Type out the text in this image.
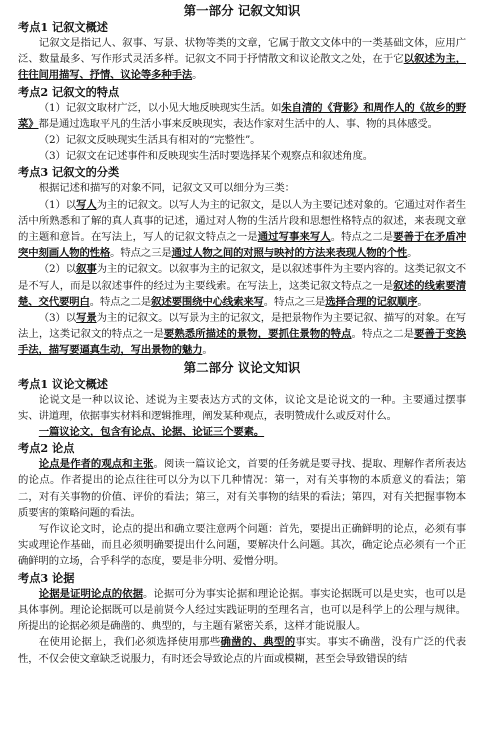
第一部分 记叙文知识

考点1 记叙文概述

记叙文是指记人、叙事、写景、状物等类的文章，它属于散文文体中的一类基础文体，应用广泛、数量最多、写作形式灵活多样。记叙文不同于抒情散文和议论散文之处，在于它以叙述为主，往往间用描写、抒情、议论等多种手法。

考点2 记叙文的特点

（1）记叙文取材广泛，以小见大地反映现实生活。如朱自清的《背影》和周作人的《故乡的野菜》都是通过选取平凡的生活小事来反映现实，表达作家对生活中的人、事、物的具体感受。

（2）记叙文反映现实生活具有相对的“完整性”。

（3）记叙文在记述事件和反映现实生活时要选择某个观察点和叙述角度。

考点3 记叙文的分类

根据记述和描写的对象不同，记叙文又可以细分为三类：

（1）以写人为主的记叙文。以写人为主的记叙文，是以人为主要记述对象的。它通过对作者生活中所熟悉和了解的真人真事的记述，通过对人物的生活片段和思想性格特点的叙述，来表现文章的主题和意旨。在写法上，写人的记叙文特点之一是通过写事来写人。特点之二是要善于在矛盾冲突中刻画人物的性格。特点之三是通过人物之间的对照与映衬的方法来表现人物的个性。

（2）以叙事为主的记叙文。以叙事为主的记叙文，是以叙述事件为主要内容的。这类记叙文不是不写人，而是以叙述事件的经过为主要线索。在写法上，这类记叙文特点之一是叙述的线索要清楚、交代要明白。特点之二是叙述要围绕中心线索来写。特点之三是选择合理的记叙顺序。

（3）以写景为主的记叙文。以写景为主的记叙文，是把景物作为主要记叙、描写的对象。在写法上，这类记叙文的特点之一是要熟悉所描述的景物，要抓住景物的特点。特点之二是要善于变换手法，描写要逼真生动，写出景物的魅力。

第二部分 议论文知识

考点1 议论文概述

论说文是一种以议论、述说为主要表达方式的文体，议论文是论说文的一种。主要通过摆事实、讲道理，依据事实材料和逻辑推理，阐发某种观点，表明赞成什么或反对什么。

一篇议论文，包含有论点、论据、论证三个要素。

考点2 论点

论点是作者的观点和主张。阅读一篇议论文，首要的任务就是要寻找、提取、理解作者所表达的论点。作者提出的论点往往可以分为以下几种情况：第一，对有关事物的本质意义的看法；第二，对有关事物的价值、评价的看法；第三，对有关事物的结果的看法；第四，对有关把握事物本质要害的策略问题的看法。

写作议论文时，论点的提出和确立要注意两个问题：首先，要提出正确鲜明的论点，必须有事实或理论作基础，而且必须明确要提出什么问题，要解决什么问题。其次，确定论点必须有一个正确鲜明的立场，合乎科学的态度，要是非分明、爱憎分明。

考点3 论据

论据是证明论点的依据。论据可分为事实论据和理论论据。事实论据既可以是史实，也可以是具体事例。理论论据既可以是前贤今人经过实践证明的至理名言，也可以是科学上的公理与规律。所提出的论据必须是确凿的、典型的，与主题有紧密关系，这样才能说服人。

在使用论据上，我们必须选择使用那些确凿的、典型的事实。事实不确凿，没有广泛的代表性，不仅会使文章缺乏说服力，有时还会导致论点的片面或模糊，甚至会导致错误的结
